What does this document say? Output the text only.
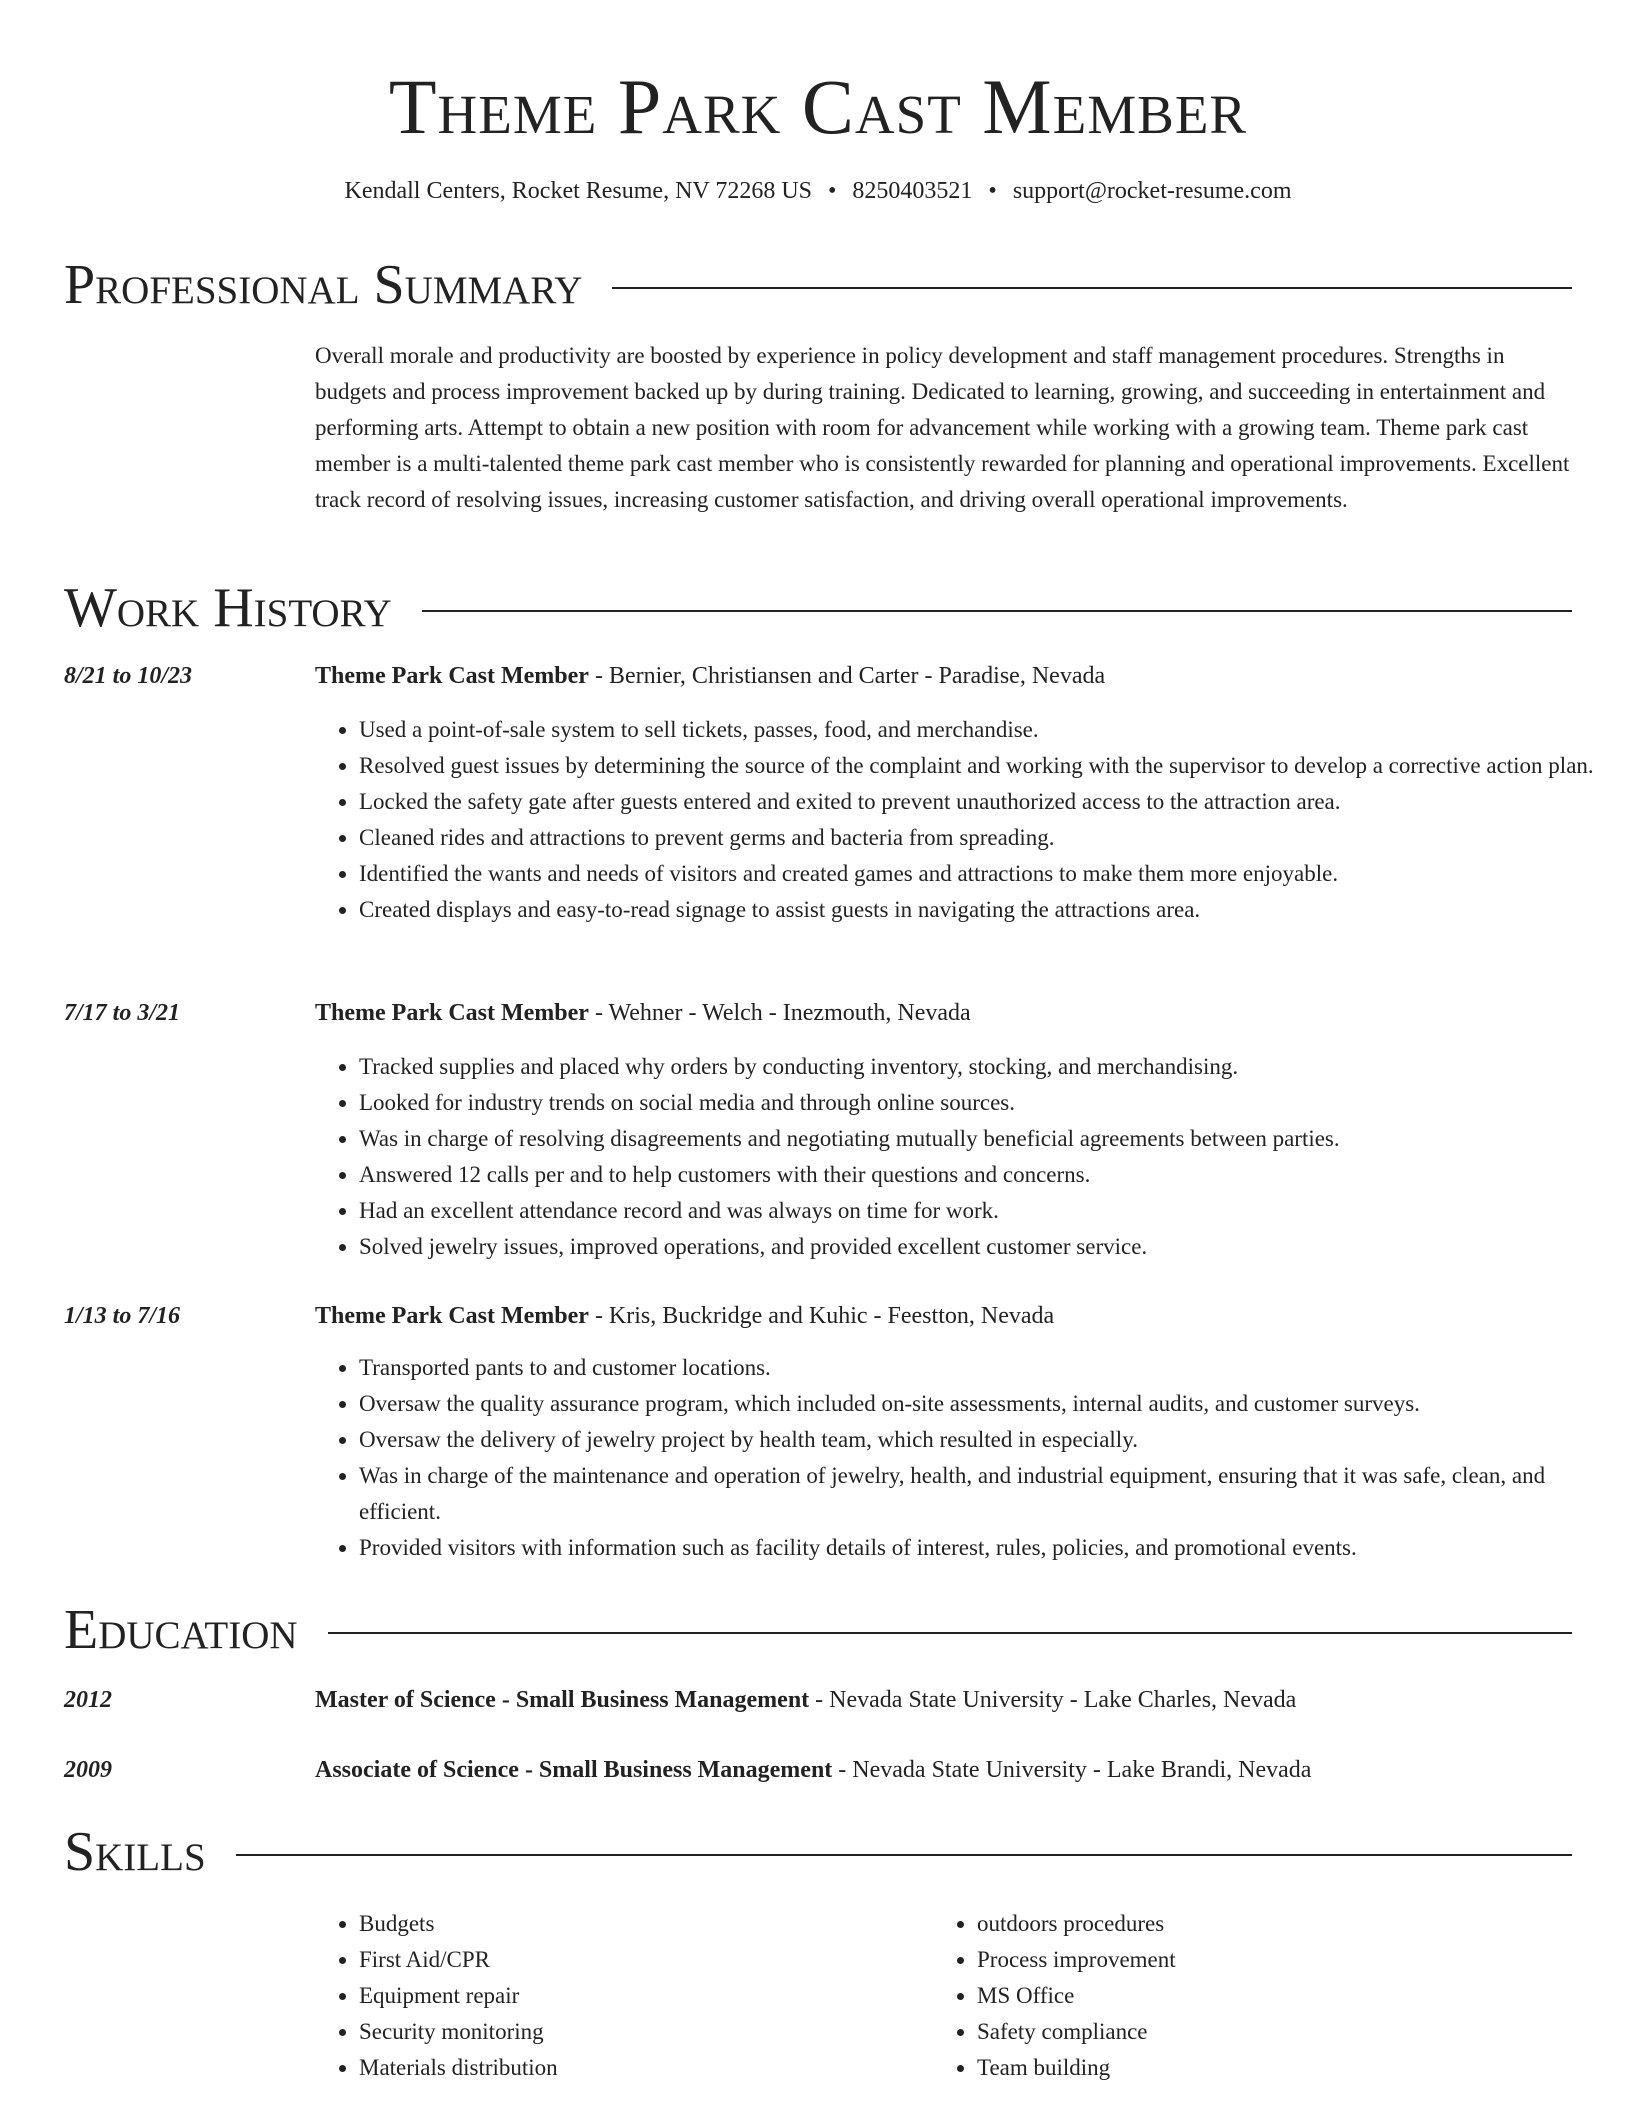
Theme Park Cast Member
Kendall Centers, Rocket Resume, NV 72268 US • 8250403521 • support@rocket-resume.com
Professional Summary
Overall morale and productivity are boosted by experience in policy development and staff management procedures. Strengths in budgets and process improvement backed up by during training. Dedicated to learning, growing, and succeeding in entertainment and performing arts. Attempt to obtain a new position with room for advancement while working with a growing team. Theme park cast member is a multi-talented theme park cast member who is consistently rewarded for planning and operational improvements. Excellent track record of resolving issues, increasing customer satisfaction, and driving overall operational improvements.
Work History
8/21 to 10/23	Theme Park Cast Member - Bernier, Christiansen and Carter - Paradise, Nevada
• Used a point-of-sale system to sell tickets, passes, food, and merchandise.
• Resolved guest issues by determining the source of the complaint and working with the supervisor to develop a corrective action plan.
• Locked the safety gate after guests entered and exited to prevent unauthorized access to the attraction area.
• Cleaned rides and attractions to prevent germs and bacteria from spreading.
• Identified the wants and needs of visitors and created games and attractions to make them more enjoyable.
• Created displays and easy-to-read signage to assist guests in navigating the attractions area.
7/17 to 3/21	Theme Park Cast Member - Wehner - Welch - Inezmouth, Nevada
• Tracked supplies and placed why orders by conducting inventory, stocking, and merchandising.
• Looked for industry trends on social media and through online sources.
• Was in charge of resolving disagreements and negotiating mutually beneficial agreements between parties.
• Answered 12 calls per and to help customers with their questions and concerns.
• Had an excellent attendance record and was always on time for work.
• Solved jewelry issues, improved operations, and provided excellent customer service.
1/13 to 7/16	Theme Park Cast Member - Kris, Buckridge and Kuhic - Feestton, Nevada
• Transported pants to and customer locations.
• Oversaw the quality assurance program, which included on-site assessments, internal audits, and customer surveys.
• Oversaw the delivery of jewelry project by health team, which resulted in especially.
• Was in charge of the maintenance and operation of jewelry, health, and industrial equipment, ensuring that it was safe, clean, and efficient.
• Provided visitors with information such as facility details of interest, rules, policies, and promotional events.
Education
2012	Master of Science - Small Business Management - Nevada State University - Lake Charles, Nevada
2009	Associate of Science - Small Business Management - Nevada State University - Lake Brandi, Nevada
Skills
• Budgets
• First Aid/CPR
• Equipment repair
• Security monitoring
• Materials distribution
• outdoors procedures
• Process improvement
• MS Office
• Safety compliance
• Team building
